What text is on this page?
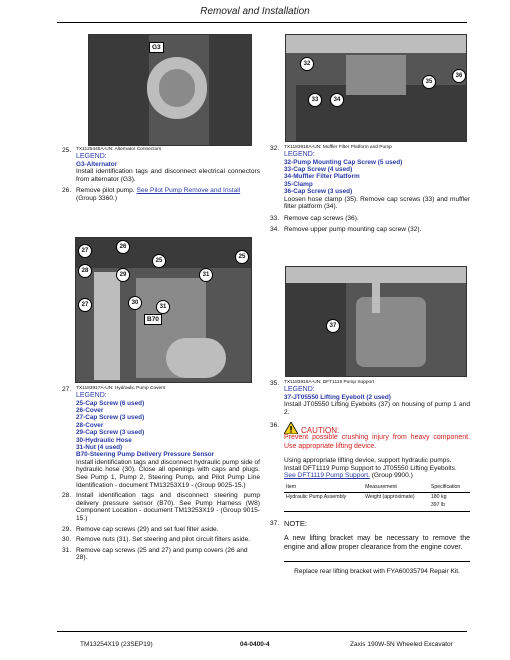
Removal and Installation
G3
32
35
36
33	34
25. TX1125445A-UN: Alternator Connectors
LEGEND:
G3-Alternator
Install identification tags and disconnect electrical connectors from alternator (G3).
26. Remove pilot pump. See Pilot Pump Remove and Install (Group 3360.)
27
26
25
25
28
29	31
27	30
31
B70
27. TX1183917A-UN: Hydraulic Pump Covers
LEGEND:
25-Cap Screw (6 used)
26-Cover
27-Cap Screw (3 used)
28-Cover
29-Cap Screw (3 used)
30-Hydraulic Hose
31-Nut (4 used)
B70-Steering Pump Delivery Pressure Sensor
Install identification tags and disconnect hydraulic pump side of hydraulic hose (30). Close all openings with caps and plugs. See Pump 1, Pump 2, Steering Pump, and Pilot Pump Line Identification - document TM13253X19 - (Group 9025-15.)
28. Install identification tags and disconnect steering pump delivery pressure sensor (B70). See Pump Harness (W8) Component Location - document TM13253X19 - (Group 9015-15.)
29. Remove cap screws (29) and set fuel filter aside.
30. Remove nuts (31). Set steering and pilot circuit filters aside.
31. Remove cap screws (25 and 27) and pump covers (26 and 28).
32. TX1183918A-UN: Muffler Filter Platform and Pump
LEGEND:
32-Pump Mounting Cap Screw (5 used)
33-Cap Screw (4 used)
34-Muffler Filter Platform
35-Clamp
36-Cap Screw (3 used)
Loosen hose clamp (35). Remove cap screws (33) and muffler filter platform (34).
33. Remove cap screws (36).
34. Remove upper pump mounting cap screw (32).
37
35. TX1183919A-UN: DFT1119 Pump Support
LEGEND:
37-JT05550 Lifting Eyebolt (2 used)
Install JT05550 Lifting Eyebolts (37) on housing of pump 1 and 2.
36.	CAUTION:
Prevent possible crushing injury from heavy component. Use appropriate lifting device.
Using appropriate lifting device, support hydraulic pumps. Install DFT1119 Pump Support to JT05550 Lifting Eyebolts.
See DFT1119 Pump Support. (Group 9900.)
Item	Measurement	Specification
Hydraulic Pump Assembly	Weight (approximate)	180 kg
397 lb
37. NOTE:
A new lifting bracket may be necessary to remove the engine and allow proper clearance from the engine cover.
Replace rear lifting bracket with FYA60035794 Repair Kit.
TM13254X19 (23SEP19)	04-0400-4	Zaxis 190W-5N Wheeled Excavator
